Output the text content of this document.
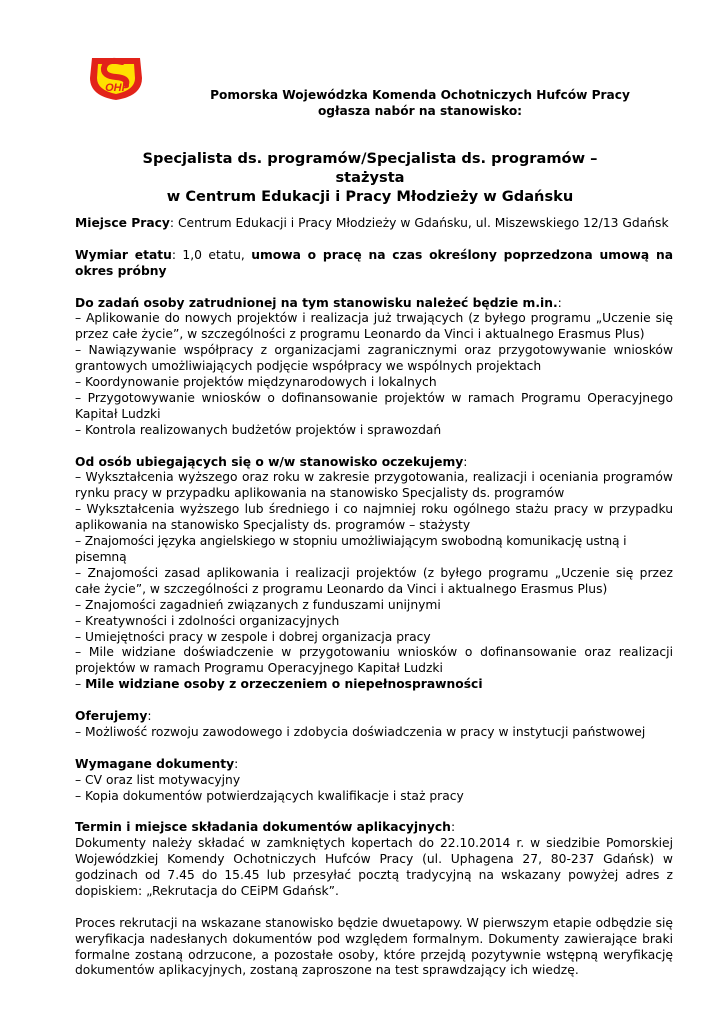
OHP	Pomorska Wojewódzka Komenda Ochotniczych Hufców Pracy
ogłasza nabór na stanowisko:
Specjalista ds. programów/Specjalista ds. programów – stażysta
w Centrum Edukacji i Pracy Młodzieży w Gdańsku

Miejsce Pracy: Centrum Edukacji i Pracy Młodzieży w Gdańsku, ul. Miszewskiego 12/13 Gdańsk

Wymiar etatu: 1,0 etatu, umowa o pracę na czas określony poprzedzona umową na okres próbny

Do zadań osoby zatrudnionej na tym stanowisku należeć będzie m.in.:

– Aplikowanie do nowych projektów i realizacja już trwających (z byłego programu „Uczenie się przez całe życie”, w szczególności z programu Leonardo da Vinci i aktualnego Erasmus Plus)

– Nawiązywanie współpracy z organizacjami zagranicznymi oraz przygotowywanie wniosków grantowych umożliwiających podjęcie współpracy we wspólnych projektach

– Koordynowanie projektów międzynarodowych i lokalnych

– Przygotowywanie wniosków o dofinansowanie projektów w ramach Programu Operacyjnego Kapitał Ludzki

– Kontrola realizowanych budżetów projektów i sprawozdań

Od osób ubiegających się o w/w stanowisko oczekujemy:

– Wykształcenia wyższego oraz roku w zakresie przygotowania, realizacji i oceniania programów rynku pracy w przypadku aplikowania na stanowisko Specjalisty ds. programów

– Wykształcenia wyższego lub średniego i co najmniej roku ogólnego stażu pracy w przypadku aplikowania na stanowisko Specjalisty ds. programów – stażysty

– Znajomości języka angielskiego w stopniu umożliwiającym swobodną komunikację ustną i pisemną

– Znajomości zasad aplikowania i realizacji projektów (z byłego programu „Uczenie się przez całe życie”, w szczególności z programu Leonardo da Vinci i aktualnego Erasmus Plus)

– Znajomości zagadnień związanych z funduszami unijnymi

– Kreatywności i zdolności organizacyjnych

– Umiejętności pracy w zespole i dobrej organizacja pracy

– Mile widziane doświadczenie w przygotowaniu wniosków o dofinansowanie oraz realizacji projektów w ramach Programu Operacyjnego Kapitał Ludzki

– Mile widziane osoby z orzeczeniem o niepełnosprawności

Oferujemy:

– Możliwość rozwoju zawodowego i zdobycia doświadczenia w pracy w instytucji państwowej

Wymagane dokumenty:

– CV oraz list motywacyjny

– Kopia dokumentów potwierdzających kwalifikacje i staż pracy

Termin i miejsce składania dokumentów aplikacyjnych:

Dokumenty należy składać w zamkniętych kopertach do 22.10.2014 r. w siedzibie Pomorskiej Wojewódzkiej Komendy Ochotniczych Hufców Pracy (ul. Uphagena 27, 80-237 Gdańsk) w godzinach od 7.45 do 15.45 lub przesyłać pocztą tradycyjną na wskazany powyżej adres z dopiskiem: „Rekrutacja do CEiPM Gdańsk”.

Proces rekrutacji na wskazane stanowisko będzie dwuetapowy. W pierwszym etapie odbędzie się weryfikacja nadesłanych dokumentów pod względem formalnym. Dokumenty zawierające braki formalne zostaną odrzucone, a pozostałe osoby, które przejdą pozytywnie wstępną weryfikację dokumentów aplikacyjnych, zostaną zaproszone na test sprawdzający ich wiedzę.
